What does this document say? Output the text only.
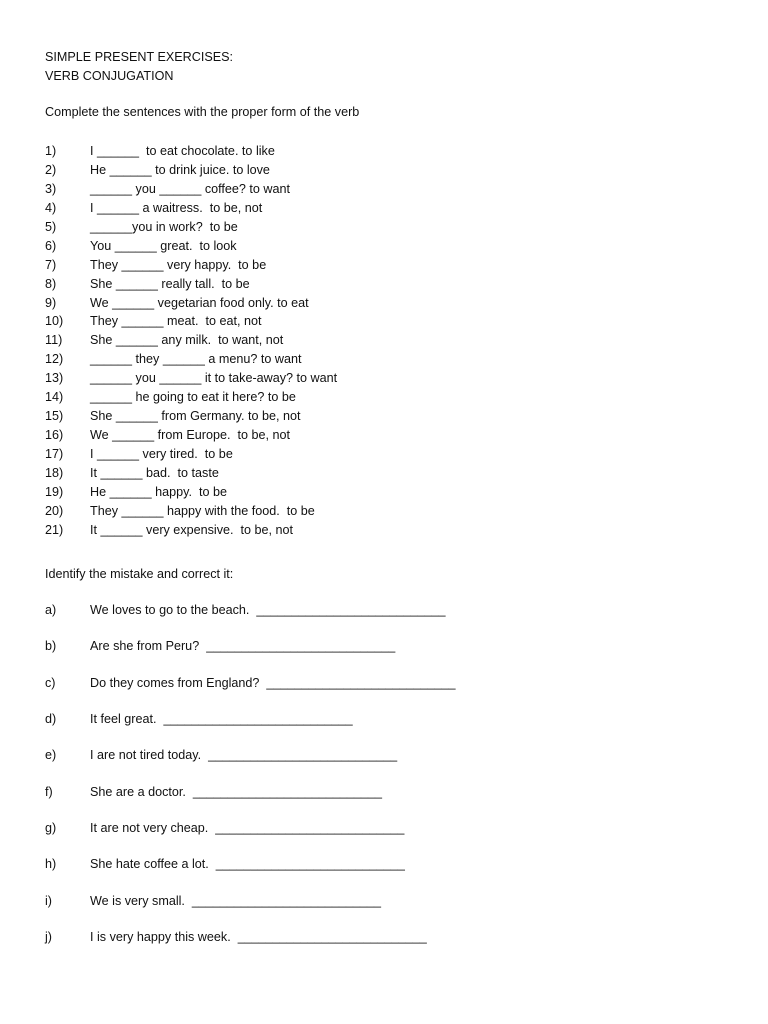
SIMPLE PRESENT EXERCISES:
VERB CONJUGATION
Complete the sentences with the proper form of the verb
1)	I ______  to eat chocolate. to like
2)	He ______ to drink juice. to love
3)	______ you ______ coffee? to want
4)	I ______ a waitress.  to be, not
5)	______you in work?  to be
6)	You ______ great.  to look
7)	They ______ very happy.  to be
8)	She ______ really tall.  to be
9)	We ______ vegetarian food only. to eat
10)	They ______ meat.  to eat, not
11)	She ______ any milk.  to want, not
12)	______ they ______ a menu? to want
13)	______ you ______ it to take-away? to want
14)	______ he going to eat it here? to be
15)	She ______ from Germany. to be, not
16)	We ______ from Europe.  to be, not
17)	I ______ very tired.  to be
18)	It ______ bad.  to taste
19)	He ______ happy.  to be
20)	They ______ happy with the food.  to be
21)	It ______ very expensive.  to be, not
Identify the mistake and correct it:
a)	We loves to go to the beach.  ___________________________
b)	Are she from Peru?  ___________________________
c)	Do they comes from England?  ___________________________
d)	It feel great.  ___________________________
e)	I are not tired today.  ___________________________
f)	She are a doctor.  ___________________________
g)	It are not very cheap.  ___________________________
h)	She hate coffee a lot.  ___________________________
i)	We is very small.  ___________________________
j)	I is very happy this week.  ___________________________
